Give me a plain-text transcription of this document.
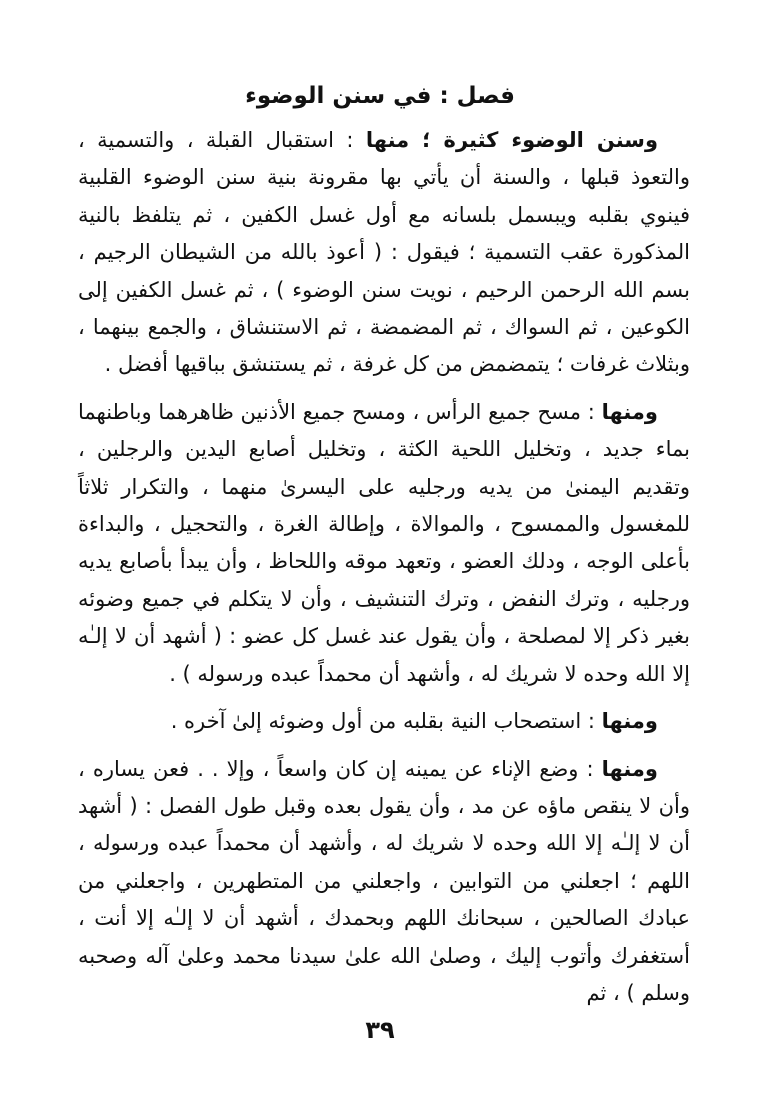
فصل : في سنن الوضوء

وسنن الوضوء كثيرة ؛ منها : استقبال القبلة ، والتسمية ، والتعوذ قبلها ، والسنة أن يأتي بها مقرونة بنية سنن الوضوء القلبية فينوي بقلبه ويبسمل بلسانه مع أول غسل الكفين ، ثم يتلفظ بالنية المذكورة عقب التسمية ؛ فيقول : ( أعوذ بالله من الشيطان الرجيم ، بسم الله الرحمن الرحيم ، نويت سنن الوضوء ) ، ثم غسل الكفين إلى الكوعين ، ثم السواك ، ثم المضمضة ، ثم الاستنشاق ، والجمع بينهما ، وبثلاث غرفات ؛ يتمضمض من كل غرفة ، ثم يستنشق بباقيها أفضل .

ومنها : مسح جميع الرأس ، ومسح جميع الأذنين ظاهرهما وباطنهما بماء جديد ، وتخليل اللحية الكثة ، وتخليل أصابع اليدين والرجلين ، وتقديم اليمنىٰ من يديه ورجليه على اليسرىٰ منهما ، والتكرار ثلاثاً للمغسول والممسوح ، والموالاة ، وإطالة الغرة ، والتحجيل ، والبداءة بأعلى الوجه ، ودلك العضو ، وتعهد موقه واللحاظ ، وأن يبدأ بأصابع يديه ورجليه ، وترك النفض ، وترك التنشيف ، وأن لا يتكلم في جميع وضوئه بغير ذكر إلا لمصلحة ، وأن يقول عند غسل كل عضو : ( أشهد أن لا إلـٰه إلا الله وحده لا شريك له ، وأشهد أن محمداً عبده ورسوله ) .

ومنها : استصحاب النية بقلبه من أول وضوئه إلىٰ آخره .

ومنها : وضع الإناء عن يمينه إن كان واسعاً ، وإلا . . فعن يساره ، وأن لا ينقص ماؤه عن مد ، وأن يقول بعده وقبل طول الفصل : ( أشهد أن لا إلـٰه إلا الله وحده لا شريك له ، وأشهد أن محمداً عبده ورسوله ، اللهم ؛ اجعلني من التوابين ، واجعلني من المتطهرين ، واجعلني من عبادك الصالحين ، سبحانك اللهم وبحمدك ، أشهد أن لا إلـٰه إلا أنت ، أستغفرك وأتوب إليك ، وصلىٰ الله علىٰ سيدنا محمد وعلىٰ آله وصحبه وسلم ) ، ثم

٣٩
